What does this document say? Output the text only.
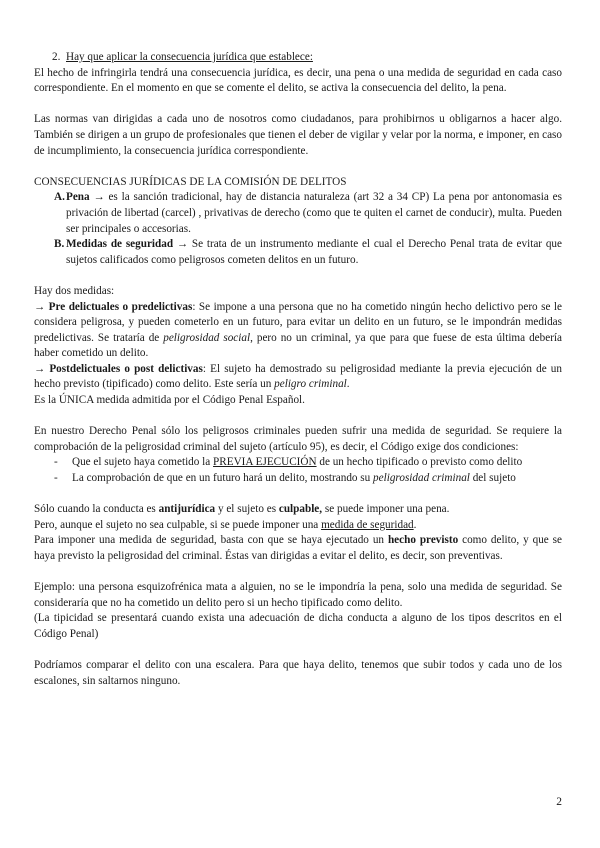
2. Hay que aplicar la consecuencia jurídica que establece:

El hecho de infringirla tendrá una consecuencia jurídica, es decir, una pena o una medida de seguridad en cada caso correspondiente. En el momento en que se comente el delito, se activa la consecuencia del delito, la pena.

Las normas van dirigidas a cada uno de nosotros como ciudadanos, para prohibirnos u obligarnos a hacer algo. También se dirigen a un grupo de profesionales que tienen el deber de vigilar y velar por la norma, e imponer, en caso de incumplimiento, la consecuencia jurídica correspondiente.

CONSECUENCIAS JURÍDICAS DE LA COMISIÓN DE DELITOS

A. Pena → es la sanción tradicional, hay de distancia naturaleza (art 32 a 34 CP) La pena por antonomasia es privación de libertad (carcel) , privativas de derecho (como que te quiten el carnet de conducir), multa. Pueden ser principales o accesorias.
B. Medidas de seguridad → Se trata de un instrumento mediante el cual el Derecho Penal trata de evitar que sujetos calificados como peligrosos cometen delitos en un futuro.

Hay dos medidas:

→ Pre delictuales o predelictivas: Se impone a una persona que no ha cometido ningún hecho delictivo pero se le considera peligrosa, y pueden cometerlo en un futuro, para evitar un delito en un futuro, se le impondrán medidas predelictivas. Se trataría de peligrosidad social, pero no un criminal, ya que para que fuese de esta última debería haber cometido un delito.

→ Postdelictuales o post delictivas: El sujeto ha demostrado su peligrosidad mediante la previa ejecución de un hecho previsto (tipificado) como delito. Este sería un peligro criminal.

Es la ÚNICA medida admitida por el Código Penal Español.

En nuestro Derecho Penal sólo los peligrosos criminales pueden sufrir una medida de seguridad. Se requiere la comprobación de la peligrosidad criminal del sujeto (artículo 95), es decir, el Código exige dos condiciones:

- Que el sujeto haya cometido la PREVIA EJECUCIÓN de un hecho tipificado o previsto como delito
- La comprobación de que en un futuro hará un delito, mostrando su peligrosidad criminal del sujeto

Sólo cuando la conducta es antijurídica y el sujeto es culpable, se puede imponer una pena.

Pero, aunque el sujeto no sea culpable, si se puede imponer una medida de seguridad.

Para imponer una medida de seguridad, basta con que se haya ejecutado un hecho previsto como delito, y que se haya previsto la peligrosidad del criminal. Éstas van dirigidas a evitar el delito, es decir, son preventivas.

Ejemplo: una persona esquizofrénica mata a alguien, no se le impondría la pena, solo una medida de seguridad. Se consideraría que no ha cometido un delito pero si un hecho tipificado como delito.

(La tipicidad se presentará cuando exista una adecuación de dicha conducta a alguno de los tipos descritos en el Código Penal)

Podríamos comparar el delito con una escalera. Para que haya delito, tenemos que subir todos y cada uno de los escalones, sin saltarnos ninguno.

2
